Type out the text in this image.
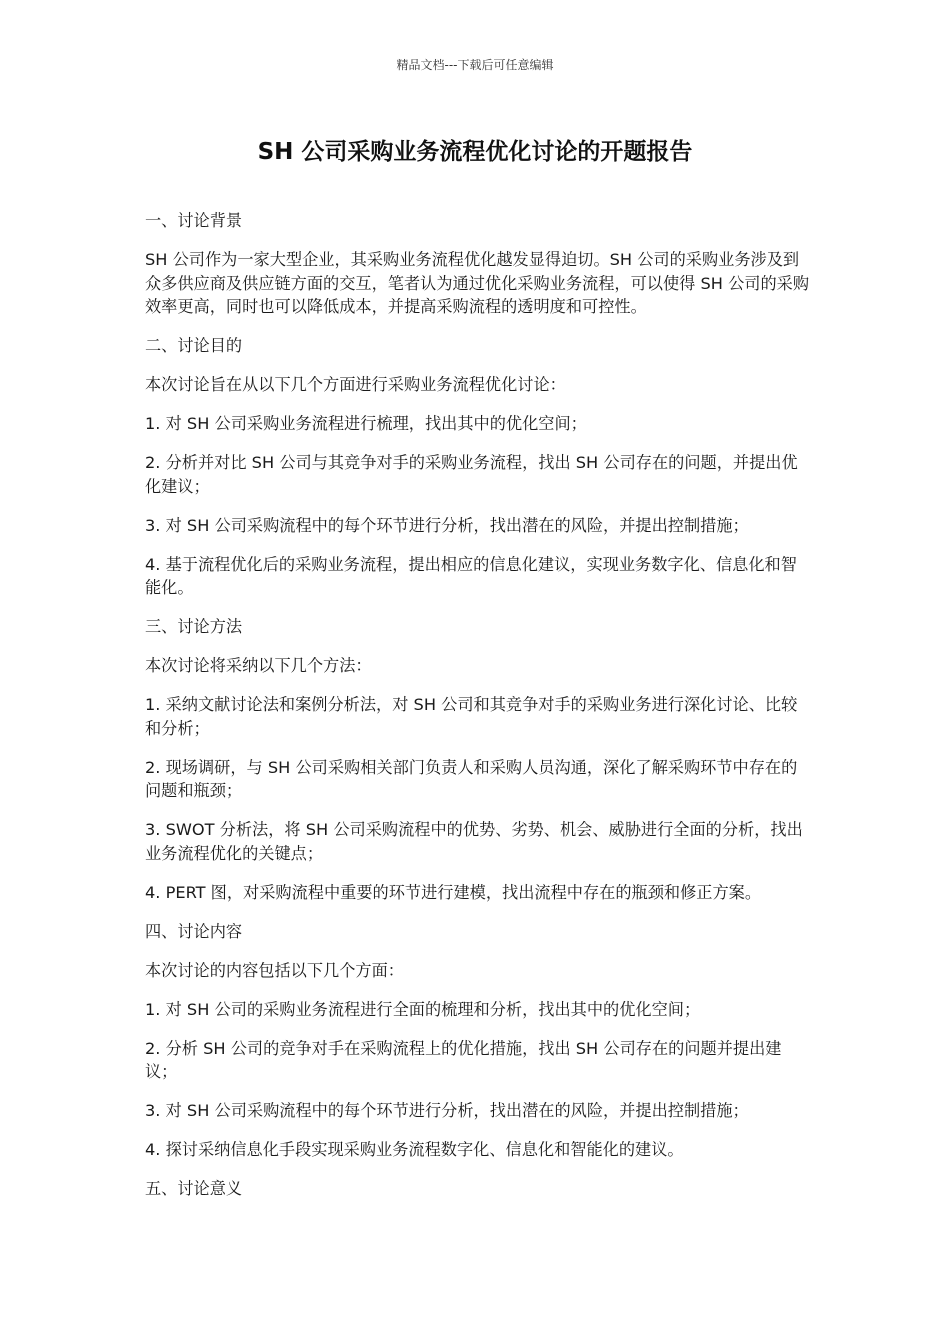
精品文档---下载后可任意编辑
SH 公司采购业务流程优化讨论的开题报告

一、讨论背景

SH 公司作为一家大型企业，其采购业务流程优化越发显得迫切。SH 公司的采购业务涉及到众多供应商及供应链方面的交互，笔者认为通过优化采购业务流程，可以使得 SH 公司的采购效率更高，同时也可以降低成本，并提高采购流程的透明度和可控性。

二、讨论目的

本次讨论旨在从以下几个方面进行采购业务流程优化讨论：

1. 对 SH 公司采购业务流程进行梳理，找出其中的优化空间；

2. 分析并对比 SH 公司与其竞争对手的采购业务流程，找出 SH 公司存在的问题，并提出优化建议；

3. 对 SH 公司采购流程中的每个环节进行分析，找出潜在的风险，并提出控制措施；

4. 基于流程优化后的采购业务流程，提出相应的信息化建议，实现业务数字化、信息化和智能化。

三、讨论方法

本次讨论将采纳以下几个方法：

1. 采纳文献讨论法和案例分析法，对 SH 公司和其竞争对手的采购业务进行深化讨论、比较和分析；

2. 现场调研，与 SH 公司采购相关部门负责人和采购人员沟通，深化了解采购环节中存在的问题和瓶颈；

3. SWOT 分析法，将 SH 公司采购流程中的优势、劣势、机会、威胁进行全面的分析，找出业务流程优化的关键点；

4. PERT 图，对采购流程中重要的环节进行建模，找出流程中存在的瓶颈和修正方案。

四、讨论内容

本次讨论的内容包括以下几个方面：

1. 对 SH 公司的采购业务流程进行全面的梳理和分析，找出其中的优化空间；

2. 分析 SH 公司的竞争对手在采购流程上的优化措施，找出 SH 公司存在的问题并提出建议；

3. 对 SH 公司采购流程中的每个环节进行分析，找出潜在的风险，并提出控制措施；

4. 探讨采纳信息化手段实现采购业务流程数字化、信息化和智能化的建议。

五、讨论意义
